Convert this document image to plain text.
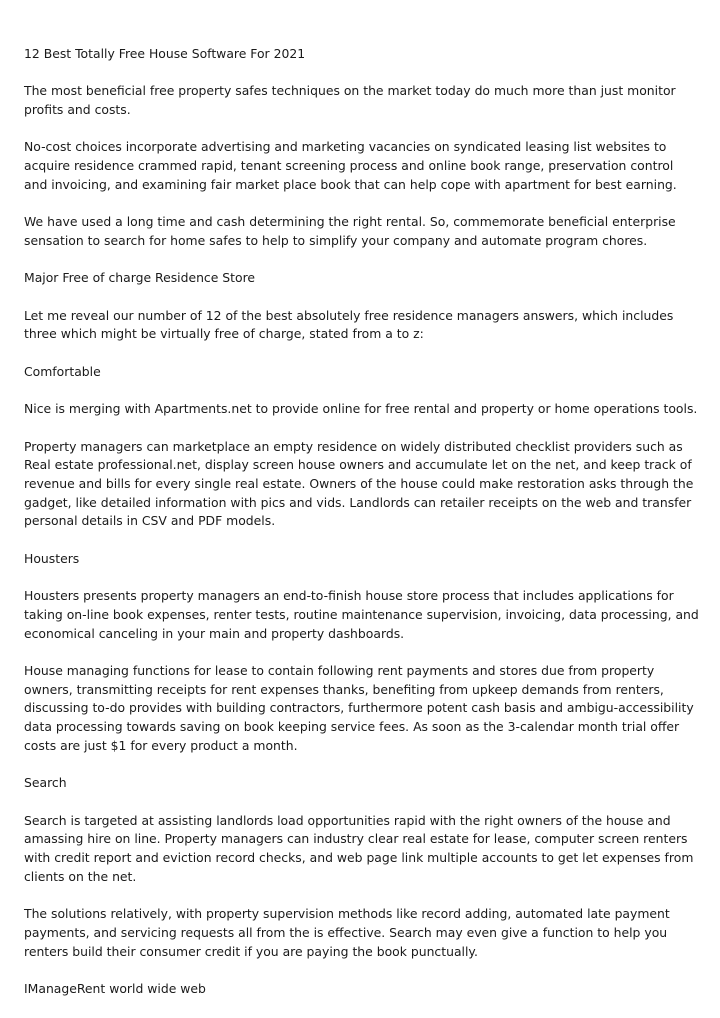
12 Best Totally Free House Software For 2021

The most beneficial free property safes techniques on the market today do much more than just monitor profits and costs.

No-cost choices incorporate advertising and marketing vacancies on syndicated leasing list websites to acquire residence crammed rapid, tenant screening process and online book range, preservation control and invoicing, and examining fair market place book that can help cope with apartment for best earning.

We have used a long time and cash determining the right rental. So, commemorate beneficial enterprise sensation to search for home safes to help to simplify your company and automate program chores.

Major Free of charge Residence Store

Let me reveal our number of 12 of the best absolutely free residence managers answers, which includes three which might be virtually free of charge, stated from a to z:

Comfortable

Nice is merging with Apartments.net to provide online for free rental and property or home operations tools.

Property managers can marketplace an empty residence on widely distributed checklist providers such as Real estate professional.net, display screen house owners and accumulate let on the net, and keep track of revenue and bills for every single real estate. Owners of the house could make restoration asks through the gadget, like detailed information with pics and vids. Landlords can retailer receipts on the web and transfer personal details in CSV and PDF models.

Housters

Housters presents property managers an end-to-finish house store process that includes applications for taking on-line book expenses, renter tests, routine maintenance supervision, invoicing, data processing, and economical canceling in your main and property dashboards.

House managing functions for lease to contain following rent payments and stores due from property owners, transmitting receipts for rent expenses thanks, benefiting from upkeep demands from renters, discussing to-do provides with building contractors, furthermore potent cash basis and ambigu-accessibility data processing towards saving on book keeping service fees. As soon as the 3-calendar month trial offer costs are just $1 for every product a month.

Search

Search is targeted at assisting landlords load opportunities rapid with the right owners of the house and amassing hire on line. Property managers can industry clear real estate for lease, computer screen renters with credit report and eviction record checks, and web page link multiple accounts to get let expenses from clients on the net.

The solutions relatively, with property supervision methods like record adding, automated late payment payments, and servicing requests all from the is effective. Search may even give a function to help you renters build their consumer credit if you are paying the book punctually.

IManageRent world wide web
